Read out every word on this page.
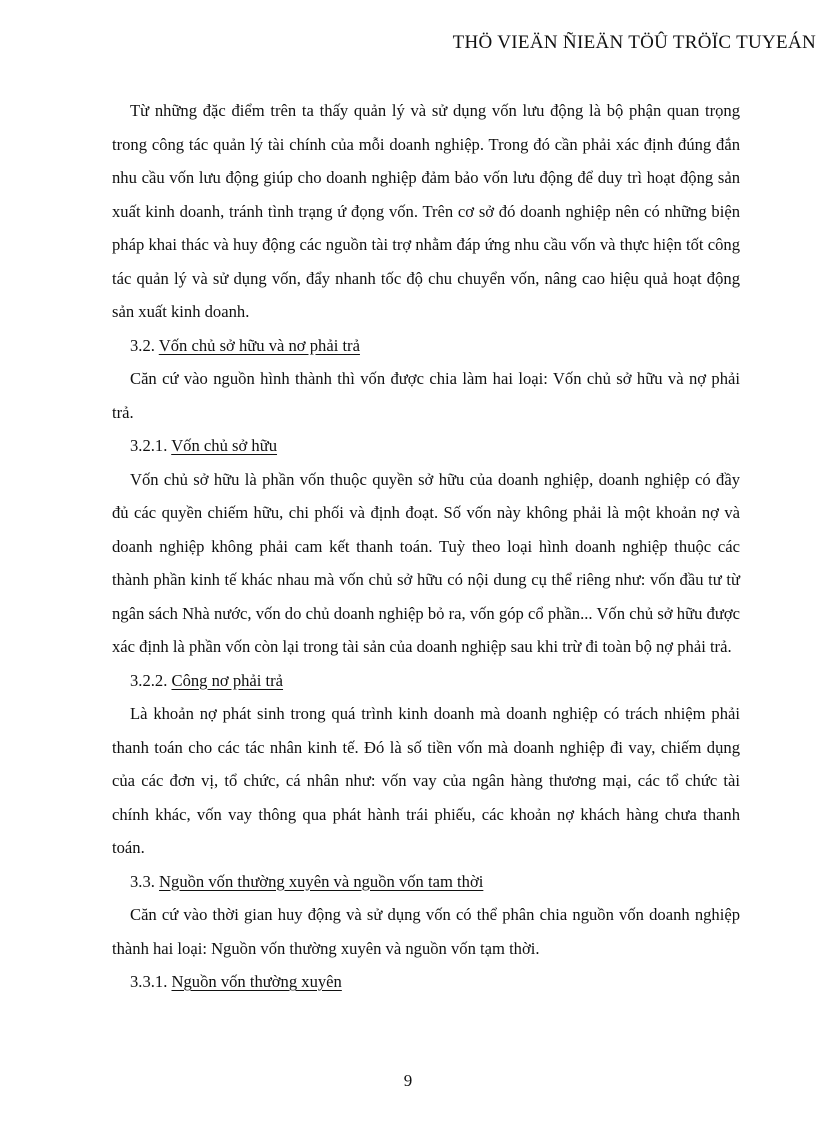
THÖ VIEÄN ÑIEÄN TÖÛ TRÖÏC TUYEÁN

Từ những đặc điểm trên ta thấy quản lý và sử dụng vốn lưu động là bộ phận quan trọng trong công tác quản lý tài chính của mỗi doanh nghiệp. Trong đó cần phải xác định đúng đắn nhu cầu vốn lưu động giúp cho doanh nghiệp đảm bảo vốn lưu động để duy trì hoạt động sản xuất kinh doanh, tránh tình trạng ứ đọng vốn. Trên cơ sở đó doanh nghiệp nên có những biện pháp khai thác và huy động các nguồn tài trợ nhằm đáp ứng nhu cầu vốn và thực hiện tốt công tác quản lý và sử dụng vốn, đẩy nhanh tốc độ chu chuyển vốn, nâng cao hiệu quả hoạt động sản xuất kinh doanh.

3.2. Vốn chủ sở hữu và nơ phải trả

Căn cứ vào nguồn hình thành thì vốn được chia làm hai loại: Vốn chủ sở hữu và nợ phải trả.

3.2.1. Vốn chủ sở hữu

Vốn chủ sở hữu là phần vốn thuộc quyền sở hữu của doanh nghiệp, doanh nghiệp có đầy đủ các quyền chiếm hữu, chi phối và định đoạt. Số vốn này không phải là một khoản nợ và doanh nghiệp không phải cam kết thanh toán. Tuỳ theo loại hình doanh nghiệp thuộc các thành phần kinh tế khác nhau mà vốn chủ sở hữu có nội dung cụ thể riêng như: vốn đầu tư từ ngân sách Nhà nước, vốn do chủ doanh nghiệp bỏ ra, vốn góp cổ phần... Vốn chủ sở hữu được xác định là phần vốn còn lại trong tài sản của doanh nghiệp sau khi trừ đi toàn bộ nợ phải trả.

3.2.2. Công nơ phải trả

Là khoản nợ phát sinh trong quá trình kinh doanh mà doanh nghiệp có trách nhiệm phải thanh toán cho các tác nhân kinh tế. Đó là số tiền vốn mà doanh nghiệp đi vay, chiếm dụng của các đơn vị, tổ chức, cá nhân như: vốn vay của ngân hàng thương mại, các tổ chức tài chính khác, vốn vay thông qua phát hành trái phiếu, các khoản nợ khách hàng chưa thanh toán.

3.3. Nguồn vốn thường xuyên và nguồn vốn tam thời

Căn cứ vào thời gian huy động và sử dụng vốn có thể phân chia nguồn vốn doanh nghiệp thành hai loại: Nguồn vốn thường xuyên và nguồn vốn tạm thời.

3.3.1. Nguồn vốn thường xuyên

9
